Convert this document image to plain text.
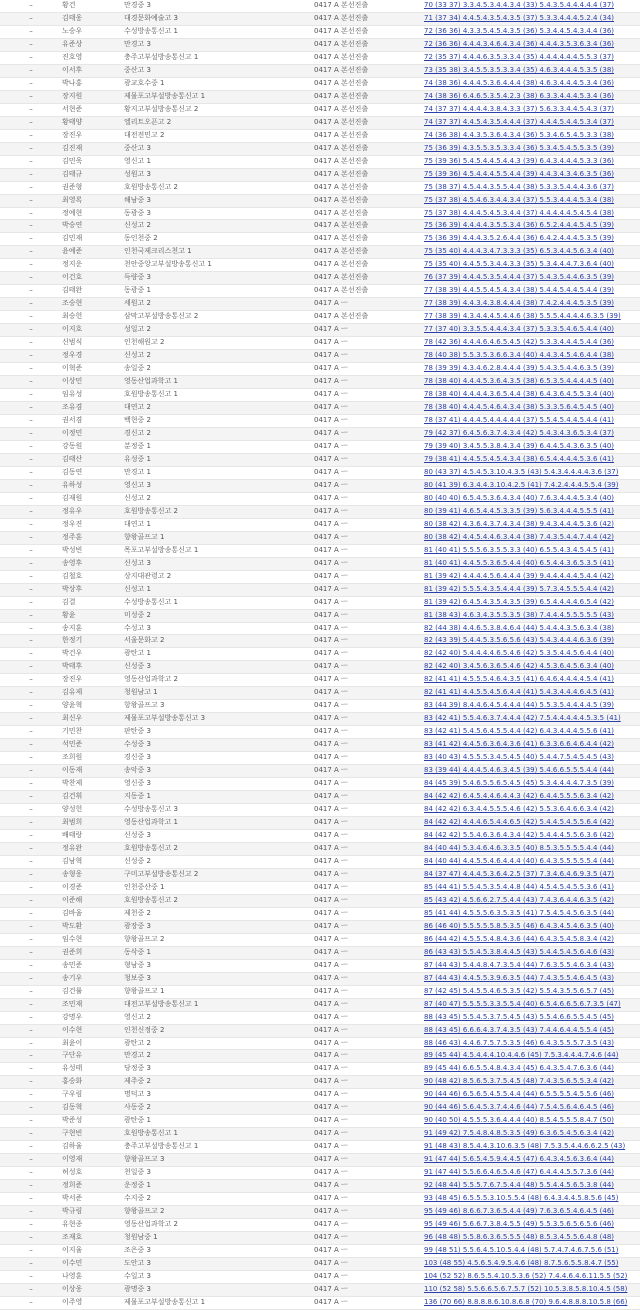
–	황건	만경중 3	0417 A 본선진출	70 (33 37) 3.3.4.5.3.4.4.3.4 (33) 5.4.3.5.4.4.4.4.4 (37)
–	김태웅	대경문화예술고 3	0417 A 본선진출	71 (37 34) 4.4.5.4.3.5.4.3.5 (37) 5.3.3.4.4.4.5.2.4 (34)
–	노승우	수성방송통신고 1	0417 A 본선진출	72 (36 36) 4.3.3.5.4.5.4.3.5 (36) 5.3.4.4.5.4.3.4.4 (36)
–	유준상	만경고 3	0417 A 본선진출	72 (36 36) 4.4.4.3.4.6.4.3.4 (36) 4.4.4.3.5.3.6.3.4 (36)
–	진호영	충주고부설방송통신고 1	0417 A 본선진출	72 (35 37) 4.4.4.6.3.5.3.3.4 (35) 4.4.4.4.4.4.5.5.3 (37)
–	이서후	중산고 3	0417 A 본선진출	73 (35 38) 3.4.5.5.3.5.3.3.4 (35) 4.6.3.4.4.4.5.3.5 (38)
–	박나홍	광교호수중 1	0417 A 본선진출	74 (38 36) 4.4.4.5.3.6.4.4.4 (38) 4.6.3.4.4.4.5.3.4 (36)
–	장지원	제물포고부설방송통신고 1	0417 A 본선진출	74 (38 36) 6.4.6.5.3.5.4.2.3 (38) 6.3.3.4.4.4.5.3.4 (36)
–	서현준	황지고부설방송통신고 2	0417 A 본선진출	74 (37 37) 4.4.4.4.3.8.4.3.3 (37) 5.6.3.3.4.4.5.4.3 (37)
–	황태양	엘리트오픈고 2	0417 A 본선진출	74 (37 37) 4.4.5.4.3.5.4.4.4 (37) 4.4.4.5.4.4.5.3.4 (37)
–	장진우	대전전민고 2	0417 A 본선진출	74 (36 38) 4.4.3.5.3.6.4.3.4 (36) 5.3.4.6.5.4.5.3.3 (38)
–	김진재	중산고 3	0417 A 본선진출	75 (36 39) 4.3.5.5.3.5.3.3.4 (36) 5.3.4.5.4.5.5.3.5 (39)
–	김민욱	영신고 1	0417 A 본선진출	75 (39 36) 5.4.5.4.4.5.4.4.3 (39) 6.4.3.4.4.4.5.3.3 (36)
–	김태규	성원고 3	0417 A 본선진출	75 (39 36) 4.5.4.4.4.5.5.4.4 (39) 4.4.3.4.3.4.6.3.5 (36)
–	권준형	호원방송통신고 2	0417 A 본선진출	75 (38 37) 4.5.4.4.3.5.5.4.4 (38) 5.3.3.5.4.4.4.3.6 (37)
–	최영록	해남중 3	0417 A 본선진출	75 (37 38) 4.5.4.6.3.4.4.3.4 (37) 5.5.3.4.4.4.5.3.4 (38)
–	정예현	동광중 3	0417 A 본선진출	75 (37 38) 4.4.4.5.4.5.3.4.4 (37) 4.4.4.4.4.5.4.5.4 (38)
–	박승연	신성고 2	0417 A 본선진출	75 (36 39) 4.4.4.4.3.5.5.3.4 (36) 6.5.2.4.4.4.5.4.5 (39)
–	김민재	동인천중 2	0417 A 본선진출	75 (36 39) 4.4.4.3.5.2.6.4.4 (36) 6.4.2.4.4.4.5.3.5 (39)
–	윤예준	인천국제크리스천고 1	0417 A 본선진출	75 (35 40) 4.4.4.3.4.7.3.3.3 (35) 6.5.3.4.4.5.6.3.4 (40)
–	정지운	천안중앙고부설방송통신고 1	0417 A 본선진출	75 (35 40) 4.4.5.5.3.4.4.3.3 (35) 5.3.4.4.4.7.3.6.4 (40)
–	이건호	득량중 3	0417 A 본선진출	76 (37 39) 4.4.4.5.3.5.4.4.4 (37) 5.4.3.5.4.4.6.3.5 (39)
–	김태완	동광중 1	0417 A 본선진출	77 (38 39) 4.4.5.5.4.5.4.3.4 (38) 5.4.4.5.4.4.5.4.4 (39)
–	조승현	세원고 2	0417 A ㅡ	77 (38 39) 4.4.3.4.3.8.4.4.4 (38) 7.4.2.4.4.4.5.3.5 (39)
–	최승헌	삼막고부설방송통신고 2	0417 A 본선진출	77 (38 39) 4.3.4.4.4.5.4.4.6 (38) 5.5.5.4.4.4.4.6.3.5 (39)
–	이지호	성일고 2	0417 A ㅡ	77 (37 40) 3.3.5.5.4.4.4.3.4 (37) 5.3.3.5.4.6.5.4.4 (40)
–	신범식	인천해원고 2	0417 A ㅡ	78 (42 36) 4.4.4.6.4.6.5.4.5 (42) 5.3.3.4.4.4.5.4.4 (36)
–	정우경	신성고 2	0417 A ㅡ	78 (40 38) 5.5.3.5.3.6.6.3.4 (40) 4.4.3.4.5.4.6.4.4 (38)
–	이혁준	송일중 2	0417 A ㅡ	78 (39 39) 4.3.4.6.2.8.4.4.4 (39) 5.4.3.5.4.4.6.3.5 (39)
–	이상민	영동산업과학고 1	0417 A ㅡ	78 (38 40) 4.4.4.5.3.6.4.3.5 (38) 6.5.3.5.4.4.4.4.5 (40)
–	임유성	호원방송통신고 1	0417 A ㅡ	78 (38 40) 4.4.4.4.3.6.5.4.4 (38) 6.4.3.6.4.5.5.3.4 (40)
–	조유겸	대연고 2	0417 A ㅡ	78 (38 40) 4.4.4.5.4.6.4.3.4 (38) 5.3.3.5.6.4.5.4.5 (40)
–	권서겸	백현중 2	0417 A ㅡ	78 (37 41) 4.4.4.5.4.4.4.4.4 (37) 5.5.4.5.4.4.5.4.4 (41)
–	이정민	경신고 2	0417 A ㅡ	79 (42 37) 6.4.5.6.3.7.4.3.4 (42) 5.4.3.4.3.6.5.3.4 (37)
–	강동원	분정중 1	0417 A ㅡ	79 (39 40) 3.4.5.5.3.8.4.3.4 (39) 6.4.4.5.4.3.6.3.5 (40)
–	김태산	유성중 1	0417 A ㅡ	79 (38 41) 4.4.5.5.4.5.4.3.4 (38) 6.5.4.4.4.4.5.3.6 (41)
–	김동연	만경고 1	0417 A ㅡ	80 (43 37) 4.5.4.5.3.10.4.3.5 (43) 5.4.3.4.4.4.4.3.6 (37)
–	유하성	영신고 3	0417 A ㅡ	80 (41 39) 6.3.4.4.3.10.4.2.5 (41) 7.4.2.4.4.4.5.5.4 (39)
–	김재원	신성고 2	0417 A ㅡ	80 (40 40) 6.5.4.5.3.6.4.3.4 (40) 7.6.3.4.4.4.5.3.4 (40)
–	정유우	호원방송통신고 2	0417 A ㅡ	80 (39 41) 4.6.5.4.4.5.3.3.5 (39) 5.6.3.4.4.4.5.5.5 (41)
–	정우진	대연고 1	0417 A ㅡ	80 (38 42) 4.3.6.4.3.7.4.3.4 (38) 9.4.3.4.4.4.5.3.6 (42)
–	정주훈	향왕골프고 1	0417 A ㅡ	80 (38 42) 4.4.5.4.4.6.3.4.4 (38) 7.4.3.5.4.4.7.4.4 (42)
–	박성빈	목포고부설방송통신고 1	0417 A ㅡ	81 (40 41) 5.5.5.6.3.5.5.3.3 (40) 6.5.5.4.3.4.5.4.5 (41)
–	송영후	신성고 3	0417 A ㅡ	81 (40 41) 4.4.5.5.3.6.5.4.4 (40) 6.5.4.4.3.6.5.3.5 (41)
–	김철호	상지대관령고 2	0417 A ㅡ	81 (39 42) 4.4.4.4.5.6.4.4.4 (39) 9.4.4.4.4.4.5.4.4 (42)
–	박상후	신성고 1	0417 A ㅡ	81 (39 42) 5.5.5.4.3.5.4.4.4 (39) 5.7.3.4.5.5.5.4.4 (42)
–	김결	수성방송통신고 1	0417 A ㅡ	81 (39 42) 6.4.5.4.3.5.4.3.5 (39) 6.5.4.4.4.4.6.5.4 (42)
–	황윤	미성중 2	0417 A ㅡ	81 (38 43) 4.6.3.4.3.5.5.3.5 (38) 7.4.4.4.5.5.5.5.5 (43)
–	송지훈	수성고 3	0417 A ㅡ	82 (44 38) 4.4.6.5.3.8.4.6.4 (44) 5.4.4.4.3.5.6.3.4 (38)
–	한정기	서울문화고 2	0417 A ㅡ	82 (43 39) 5.4.4.5.3.5.6.5.6 (43) 5.4.3.4.4.4.6.3.6 (39)
–	박건우	광탄고 1	0417 A ㅡ	82 (42 40) 5.4.4.4.4.6.5.4.6 (42) 5.3.5.4.4.5.6.4.4 (40)
–	박태후	신성중 3	0417 A ㅡ	82 (42 40) 3.4.5.6.3.6.5.4.6 (42) 4.5.3.6.4.5.6.3.4 (40)
–	장진우	영동산업과학고 2	0417 A ㅡ	82 (41 41) 4.5.5.5.4.6.4.3.5 (41) 6.4.6.4.4.4.4.5.4 (41)
–	김유제	청원남고 1	0417 A ㅡ	82 (41 41) 4.4.5.5.4.5.6.4.4 (41) 5.4.3.4.4.4.6.4.5 (41)
–	양윤혁	항왕골프고 3	0417 A ㅡ	83 (44 39) 8.4.4.6.4.5.4.4.4 (44) 5.5.3.5.4.4.4.4.5 (39)
–	최신우	제물포고부설방송통신고 3	0417 A ㅡ	83 (42 41) 5.5.4.6.3.7.4.4.4 (42) 7.5.4.4.4.4.4.5.3.5 (41)
–	기민찬	판탄중 3	0417 A ㅡ	83 (42 41) 5.4.5.6.4.5.5.4.4 (42) 6.4.3.4.4.4.5.5.6 (41)
–	석민준	수성중 3	0417 A ㅡ	83 (41 42) 4.4.5.6.3.6.4.3.6 (41) 6.3.3.6.6.4.6.4.4 (42)
–	조희원	경신중 3	0417 A ㅡ	83 (40 43) 4.5.5.5.3.4.5.4.5 (40) 5.4.4.7.5.4.5.4.5 (43)
–	이동재	송악중 3	0417 A ㅡ	83 (39 44) 4.4.4.5.4.6.3.4.5 (39) 5.4.6.6.5.5.5.4.4 (44)
–	박찬제	영신중 3	0417 A ㅡ	84 (45 39) 5.4.6.5.5.6.5.4.5 (45) 5.3.4.4.4.4.7.3.5 (39)
–	김건휘	지동중 1	0417 A ㅡ	84 (42 42) 6.4.5.4.4.6.4.4.3 (42) 6.4.4.5.5.5.6.3.4 (42)
–	양성헌	수성방송통신고 3	0417 A ㅡ	84 (42 42) 6.3.4.4.5.5.5.4.6 (42) 5.5.3.6.4.6.6.3.4 (42)
–	최범희	영동산업과학고 1	0417 A ㅡ	84 (42 42) 4.4.4.6.5.4.4.6.5 (42) 5.4.4.5.4.5.5.6.4 (42)
–	배태랑	신성중 3	0417 A ㅡ	84 (42 42) 5.5.4.6.3.6.4.3.4 (42) 5.4.4.4.5.5.6.3.6 (42)
–	정유완	호원방송통신고 2	0417 A ㅡ	84 (40 44) 5.3.4.6.4.6.3.3.5 (40) 8.5.3.5.5.5.5.4.4 (44)
–	김남혁	신성중 2	0417 A ㅡ	84 (40 44) 4.4.5.5.4.6.4.4.4 (40) 6.4.3.5.5.5.5.5.4 (44)
–	송형웅	구미고부설방송통신고 2	0417 A ㅡ	84 (37 47) 4.4.4.5.3.6.4.2.5 (37) 7.3.4.6.4.6.9.3.5 (47)
–	이경준	인천중산중 1	0417 A ㅡ	85 (44 41) 5.5.4.5.3.5.4.4.8 (44) 4.5.4.5.4.5.5.3.6 (41)
–	이준해	호원방송통신고 2	0417 A ㅡ	85 (43 42) 4.5.6.6.2.7.5.4.4 (43) 7.4.3.6.4.4.6.3.5 (42)
–	김바울	제천중 2	0417 A ㅡ	85 (41 44) 4.5.5.5.6.3.5.3.5 (41) 7.5.4.5.4.5.6.3.5 (44)
–	박도환	광장중 3	0417 A ㅡ	86 (46 40) 5.5.5.5.5.8.5.3.5 (46) 6.4.3.4.5.4.6.3.5 (40)
–	임수현	향왕골프고 2	0417 A ㅡ	86 (44 42) 4.5.5.5.4.8.4.3.6 (44) 6.4.3.5.4.5.8.3.4 (42)
–	권준희	동삭중 1	0417 A ㅡ	86 (43 43) 5.5.4.5.3.8.4.4.5 (43) 5.4.4.5.4.5.6.4.6 (43)
–	송민준	형남중 3	0417 A ㅡ	87 (44 43) 5.4.4.8.4.7.3.5.4 (44) 7.6.3.5.5.4.6.3.4 (43)
–	송기우	청보중 3	0417 A ㅡ	87 (44 43) 4.4.5.5.3.9.6.3.5 (44) 7.4.3.5.5.4.6.4.5 (43)
–	김건률	향왕골프고 1	0417 A ㅡ	87 (42 45) 5.4.5.5.4.6.5.3.5 (42) 5.5.4.3.5.5.6.5.7 (45)
–	조민재	대전고부설방송통신고 1	0417 A ㅡ	87 (40 47) 5.5.5.5.3.3.5.5.4 (40) 6.5.4.6.6.5.6.7.3.5 (47)
–	강명우	영신고 2	0417 A ㅡ	88 (43 45) 5.5.4.5.3.7.5.4.5 (43) 5.5.4.6.6.5.5.4.5 (45)
–	이수현	인천신정중 2	0417 A ㅡ	88 (43 45) 6.6.6.4.3.7.4.3.5 (43) 7.4.4.6.4.4.5.5.4 (45)
–	최윤이	광탄고 2	0417 A ㅡ	88 (46 43) 4.4.6.7.5.7.5.3.5 (46) 6.4.3.5.5.5.7.3.5 (43)
–	구단유	만경고 2	0417 A ㅡ	89 (45 44) 4.5.4.4.4.10.4.4.6 (45) 7.5.3.4.4.4.7.4.6 (44)
–	유성태	당정중 3	0417 A ㅡ	89 (45 44) 6.6.5.5.4.8.4.3.4 (45) 6.4.3.5.4.7.6.3.6 (44)
–	홍승화	제주중 2	0417 A ㅡ	90 (48 42) 8.5.6.5.3.7.5.4.5 (48) 7.4.3.5.6.5.5.3.4 (42)
–	구우림	명덕고 3	0417 A ㅡ	90 (44 46) 6.5.6.5.4.5.5.4.4 (44) 6.5.5.5.5.4.5.5.6 (46)
–	김동혁	사동중 2	0417 A ㅡ	90 (44 46) 5.6.4.5.3.7.4.4.6 (44) 7.5.4.5.6.4.6.4.5 (46)
–	박준성	광탄중 1	0417 A ㅡ	90 (40 50) 4.5.5.5.3.6.4.4.4 (40) 8.5.4.5.5.5.8.4.7 (50)
–	구현빈	호원방송통신고 1	0417 A ㅡ	91 (49 42) 7.5.4.8.4.8.5.3.5 (49) 6.3.6.5.4.5.6.3.4 (42)
–	김하율	충주고부설방송통신고 1	0417 A ㅡ	91 (48 43) 8.5.4.4.3.10.6.3.5 (48) 7.5.3.5.4.4.6.6.2.5 (43)
–	이영재	향왕골프고 3	0417 A ㅡ	91 (47 44) 5.6.5.4.5.9.4.4.5 (47) 6.4.3.4.5.6.3.6.4 (44)
–	허성호	천일중 3	0417 A ㅡ	91 (47 44) 5.5.6.6.4.6.5.4.6 (47) 6.4.4.4.5.5.7.3.6 (44)
–	정희준	운정중 1	0417 A ㅡ	92 (48 44) 5.5.5.7.6.7.5.4.4 (48) 5.5.4.4.5.6.5.3.8 (44)
–	박서준	수지중 2	0417 A ㅡ	93 (48 45) 6.5.5.5.3.10.5.5.4 (48) 6.4.3.4.4.5.8.5.6 (45)
–	박규림	향왕골프고 2	0417 A ㅡ	95 (49 46) 8.6.6.7.3.6.5.4.4 (49) 7.6.3.6.5.4.6.4.5 (46)
–	유현종	영동산업과학고 2	0417 A ㅡ	95 (49 46) 5.6.6.7.3.8.4.5.5 (49) 5.5.3.5.6.5.6.5.6 (46)
–	조재호	청원남중 1	0417 A ㅡ	96 (48 48) 5.5.8.6.3.6.5.5.5 (48) 8.5.3.4.5.5.6.4.8 (48)
–	이지율	조은중 3	0417 A ㅡ	99 (48 51) 5.5.6.4.5.10.5.4.4 (48) 5.7.4.7.4.6.7.5.6 (51)
–	이수민	도안고 3	0417 A ㅡ	103 (48 55) 4.5.6.5.4.9.5.4.6 (48) 8.7.5.6.5.5.8.4.7 (55)
–	나영훈	수일고 3	0417 A ㅡ	104 (52 52) 8.6.5.5.4.10.5.3.6 (52) 7.4.4.6.4.6.11.5.5 (52)
–	이상웅	광명중 3	0417 A ㅡ	110 (52 58) 5.5.6.6.5.6.7.5.7 (52) 10.5.3.8.5.8.10.4.5 (58)
–	이주영	제물포고부설방송통신고 1	0417 A ㅡ	136 (70 66) 8.8.8.8.6.10.8.6.8 (70) 9.6.4.8.8.8.10.5.8 (66)
